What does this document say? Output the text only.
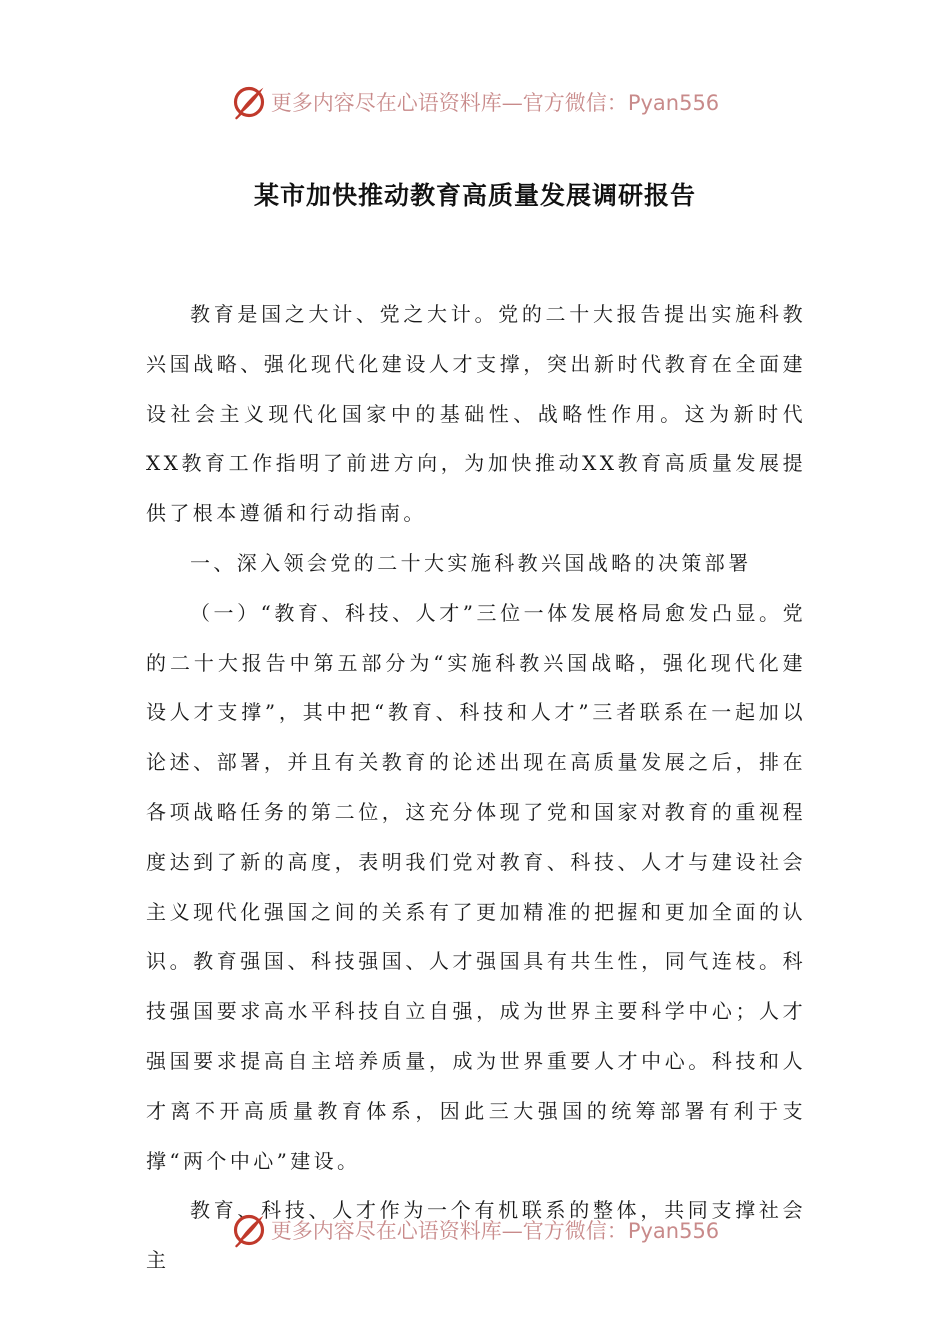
更多内容尽在心语资料库—官方微信：Pyan556
某市加快推动教育高质量发展调研报告

教育是国之大计、党之大计。党的二十大报告提出实施科教兴国战略、强化现代化建设人才支撑，突出新时代教育在全面建设社会主义现代化国家中的基础性、战略性作用。这为新时代XX教育工作指明了前进方向，为加快推动XX教育高质量发展提供了根本遵循和行动指南。

一、深入领会党的二十大实施科教兴国战略的决策部署

（一）“教育、科技、人才”三位一体发展格局愈发凸显。党的二十大报告中第五部分为“实施科教兴国战略，强化现代化建设人才支撑”，其中把“教育、科技和人才”三者联系在一起加以论述、部署，并且有关教育的论述出现在高质量发展之后，排在各项战略任务的第二位，这充分体现了党和国家对教育的重视程度达到了新的高度，表明我们党对教育、科技、人才与建设社会主义现代化强国之间的关系有了更加精准的把握和更加全面的认识。教育强国、科技强国、人才强国具有共生性，同气连枝。科技强国要求高水平科技自立自强，成为世界主要科学中心；人才强国要求提高自主培养质量，成为世界重要人才中心。科技和人才离不开高质量教育体系，因此三大强国的统筹部署有利于支撑“两个中心”建设。

教育、科技、人才作为一个有机联系的整体，共同支撑社会主

更多内容尽在心语资料库—官方微信：Pyan556
